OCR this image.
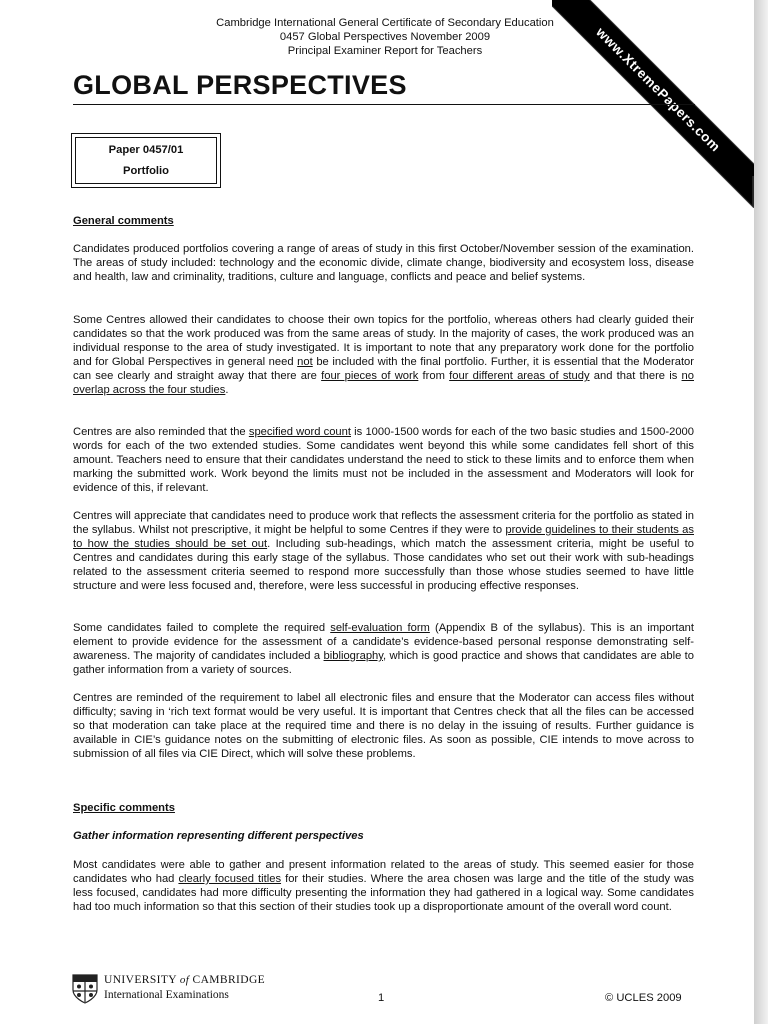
Cambridge International General Certificate of Secondary Education
0457 Global Perspectives November 2009
Principal Examiner Report for Teachers	www.XtremePapers.com
GLOBAL PERSPECTIVES
Paper 0457/01
Portfolio
General comments

Candidates produced portfolios covering a range of areas of study in this first October/November session of the examination. The areas of study included: technology and the economic divide, climate change, biodiversity and ecosystem loss, disease and health, law and criminality, traditions, culture and language, conflicts and peace and belief systems.

Some Centres allowed their candidates to choose their own topics for the portfolio, whereas others had clearly guided their candidates so that the work produced was from the same areas of study. In the majority of cases, the work produced was an individual response to the area of study investigated. It is important to note that any preparatory work done for the portfolio and for Global Perspectives in general need not be included with the final portfolio. Further, it is essential that the Moderator can see clearly and straight away that there are four pieces of work from four different areas of study and that there is no overlap across the four studies.

Centres are also reminded that the specified word count is 1000-1500 words for each of the two basic studies and 1500-2000 words for each of the two extended studies. Some candidates went beyond this while some candidates fell short of this amount. Teachers need to ensure that their candidates understand the need to stick to these limits and to enforce them when marking the submitted work. Work beyond the limits must not be included in the assessment and Moderators will look for evidence of this, if relevant.

Centres will appreciate that candidates need to produce work that reflects the assessment criteria for the portfolio as stated in the syllabus. Whilst not prescriptive, it might be helpful to some Centres if they were to provide guidelines to their students as to how the studies should be set out. Including sub-headings, which match the assessment criteria, might be useful to Centres and candidates during this early stage of the syllabus. Those candidates who set out their work with sub-headings related to the assessment criteria seemed to respond more successfully than those whose studies seemed to have little structure and were less focused and, therefore, were less successful in producing effective responses.

Some candidates failed to complete the required self-evaluation form (Appendix B of the syllabus). This is an important element to provide evidence for the assessment of a candidate’s evidence-based personal response demonstrating self-awareness. The majority of candidates included a bibliography, which is good practice and shows that candidates are able to gather information from a variety of sources.

Centres are reminded of the requirement to label all electronic files and ensure that the Moderator can access files without difficulty; saving in ‘rich text format would be very useful. It is important that Centres check that all the files can be accessed so that moderation can take place at the required time and there is no delay in the issuing of results. Further guidance is available in CIE’s guidance notes on the submitting of electronic files. As soon as possible, CIE intends to move across to submission of all files via CIE Direct, which will solve these problems.

Specific comments
Gather information representing different perspectives

Most candidates were able to gather and present information related to the areas of study. This seemed easier for those candidates who had clearly focused titles for their studies. Where the area chosen was large and the title of the study was less focused, candidates had more difficulty presenting the information they had gathered in a logical way. Some candidates had too much information so that this section of their studies took up a disproportionate amount of the overall word count.

UNIVERSITY of CAMBRIDGE
International Examinations	1	© UCLES 2009
